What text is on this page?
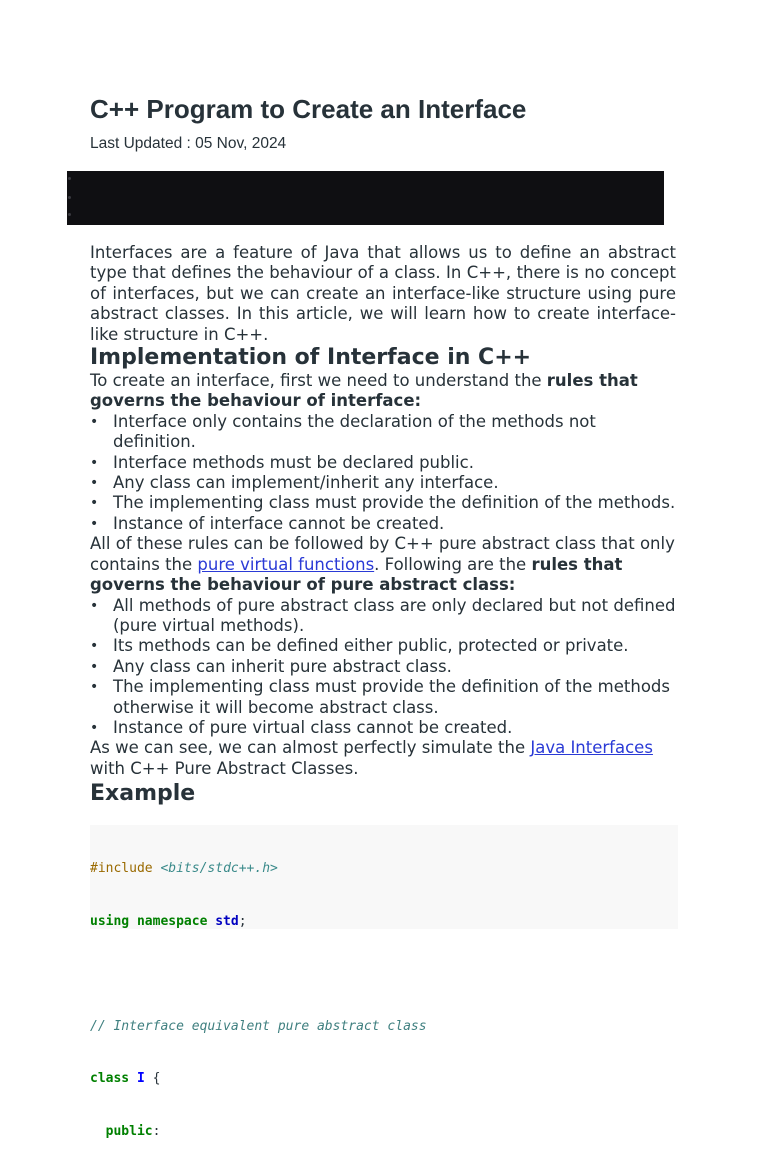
C++ Program to Create an Interface
Last Updated : 05 Nov, 2024

Interfaces are a feature of Java that allows us to define an abstract type that defines the behaviour of a class. In C++, there is no concept of interfaces, but we can create an interface-like structure using pure abstract classes. In this article, we will learn how to create interface-like structure in C++.

Implementation of Interface in C++

To create an interface, first we need to understand the rules that governs the behaviour of interface:

• Interface only contains the declaration of the methods not definition.
• Interface methods must be declared public.
• Any class can implement/inherit any interface.
• The implementing class must provide the definition of the methods.
• Instance of interface cannot be created.

All of these rules can be followed by C++ pure abstract class that only contains the pure virtual functions. Following are the rules that governs the behaviour of pure abstract class:

• All methods of pure abstract class are only declared but not defined (pure virtual methods).
• Its methods can be defined either public, protected or private.
• Any class can inherit pure abstract class.
• The implementing class must provide the definition of the methods otherwise it will become abstract class.
• Instance of pure virtual class cannot be created.

As we can see, we can almost perfectly simulate the Java Interfaces with C++ Pure Abstract Classes.

Example

#include <bits/stdc++.h>

using namespace std;

// Interface equivalent pure abstract class

class I {

public:
